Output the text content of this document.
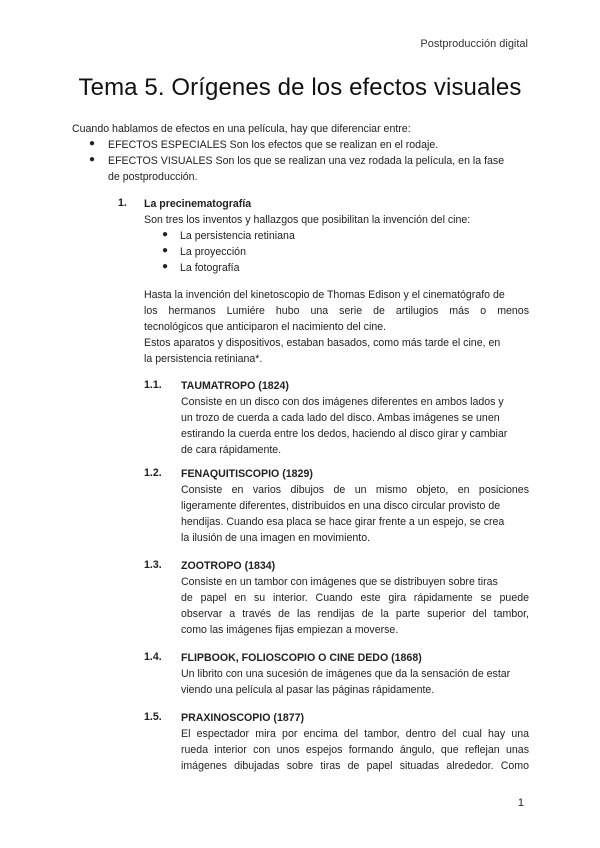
Postproducción digital
Tema 5. Orígenes de los efectos visuales
Cuando hablamos de efectos en una película, hay que diferenciar entre:
● EFECTOS ESPECIALES Son los efectos que se realizan en el rodaje.
● EFECTOS VISUALES Son los que se realizan una vez rodada la película, en la fase
de postproducción.
1. La precinematografía
Son tres los inventos y hallazgos que posibilitan la invención del cine:
● La persistencia retiniana
● La proyección
● La fotografía
Hasta la invención del kinetoscopio de Thomas Edison y el cinematógrafo de
los hermanos Lumiére hubo una serie de artilugios más o menos
tecnológicos que anticiparon el nacimiento del cine.
Estos aparatos y dispositivos, estaban basados, como más tarde el cine, en
la persistencia retiniana*.
1.1. TAUMATROPO (1824)
Consiste en un disco con dos imágenes diferentes en ambos lados y
un trozo de cuerda a cada lado del disco. Ambas imágenes se unen
estirando la cuerda entre los dedos, haciendo al disco girar y cambiar
de cara rápidamente.
1.2. FENAQUITISCOPIO (1829)
Consiste en varios dibujos de un mismo objeto, en posiciones
ligeramente diferentes, distribuidos en una disco circular provisto de
hendijas. Cuando esa placa se hace girar frente a un espejo, se crea
la ilusión de una imagen en movimiento.
1.3. ZOOTROPO (1834)
Consiste en un tambor con imágenes que se distribuyen sobre tiras
de papel en su interior. Cuando este gira rápidamente se puede
observar a través de las rendijas de la parte superior del tambor,
como las imágenes fijas empiezan a moverse.
1.4. FLIPBOOK, FOLIOSCOPIO O CINE DEDO (1868)
Un librito con una sucesión de imágenes que da la sensación de estar
viendo una película al pasar las páginas rápidamente.
1.5. PRAXINOSCOPIO (1877)
El espectador mira por encima del tambor, dentro del cual hay una
rueda interior con unos espejos formando ángulo, que reflejan unas
imágenes dibujadas sobre tiras de papel situadas alrededor. Como
1
